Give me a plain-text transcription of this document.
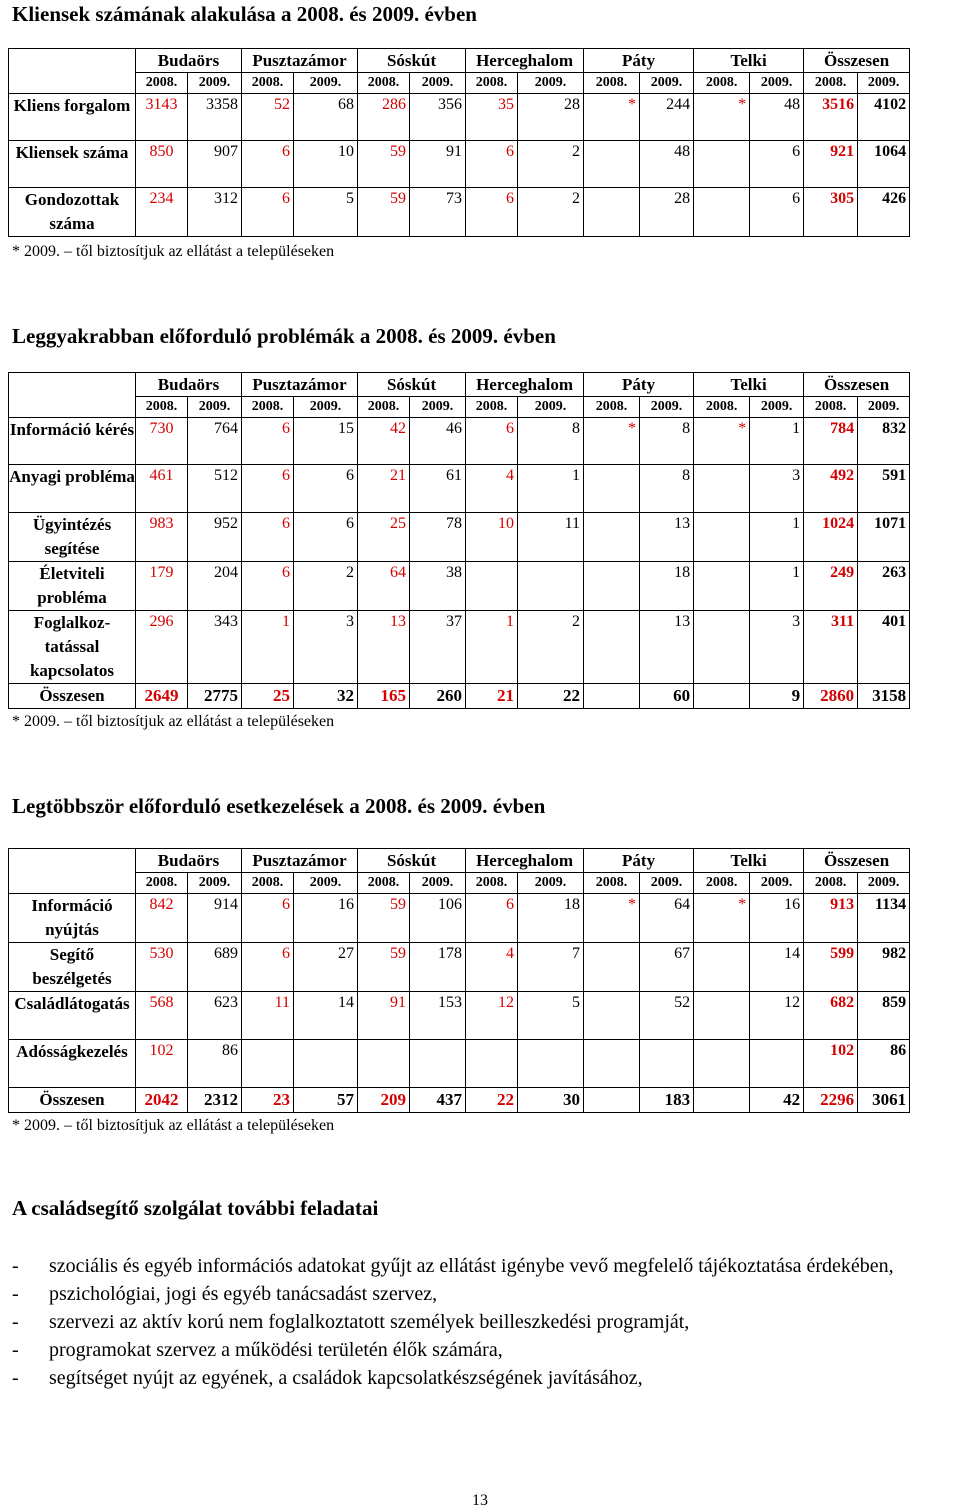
Kliensek számának alakulása a 2008. és 2009. évben
	Budaörs		Pusztazámor		Sóskút		Herceghalom		Páty		Telki		Összesen	
	2008.	2009.	2008.	2009.	2008.	2009.	2008.	2009.	2008.	2009.	2008.	2009.	2008.	2009.
Kliens forgalom	3143	3358	52	68	286	356	35	28	*	244	*	48	3516	4102
Kliensek száma	850	907	6	10	59	91	6	2		48		6	921	1064
Gondozottak száma	234	312	6	5	59	73	6	2		28		6	305	426
* 2009. – től biztosítjuk az ellátást a településeken
Leggyakrabban előforduló problémák a 2008. és 2009. évben
	Budaörs		Pusztazámor		Sóskút		Herceghalom		Páty		Telki		Összesen	
	2008.	2009.	2008.	2009.	2008.	2009.	2008.	2009.	2008.	2009.	2008.	2009.	2008.	2009.
Információ kérés	730	764	6	15	42	46	6	8	*	8	*	1	784	832
Anyagi probléma	461	512	6	6	21	61	4	1		8		3	492	591
Ügyintézés segítése	983	952	6	6	25	78	10	11		13		1	1024	1071
Életviteli probléma	179	204	6	2	64	38				18		1	249	263
Foglalkoz-tatással kapcsolatos	296	343	1	3	13	37	1	2		13		3	311	401
Összesen	2649	2775	25	32	165	260	21	22		60		9	2860	3158
* 2009. – től biztosítjuk az ellátást a településeken
Legtöbbször előforduló esetkezelések a 2008. és 2009. évben
	Budaörs		Pusztazámor		Sóskút		Herceghalom		Páty		Telki		Összesen	
	2008.	2009.	2008.	2009.	2008.	2009.	2008.	2009.	2008.	2009.	2008.	2009.	2008.	2009.
Információ nyújtás	842	914	6	16	59	106	6	18	*	64	*	16	913	1134
Segítő beszélgetés	530	689	6	27	59	178	4	7		67		14	599	982
Családlátogatás	568	623	11	14	91	153	12	5		52		12	682	859
Adósságkezelés	102	86											102	86
Összesen	2042	2312	23	57	209	437	22	30		183		42	2296	3061
* 2009. – től biztosítjuk az ellátást a településeken
A családsegítő szolgálat további feladatai
- szociális és egyéb információs adatokat gyűjt az ellátást igénybe vevő megfelelő tájékoztatása érdekében,
- pszichológiai, jogi és egyéb tanácsadást szervez,
- szervezi az aktív korú nem foglalkoztatott személyek beilleszkedési programját,
- programokat szervez a működési területén élők számára,
- segítséget nyújt az egyének, a családok kapcsolatkészségének javításához,
13
